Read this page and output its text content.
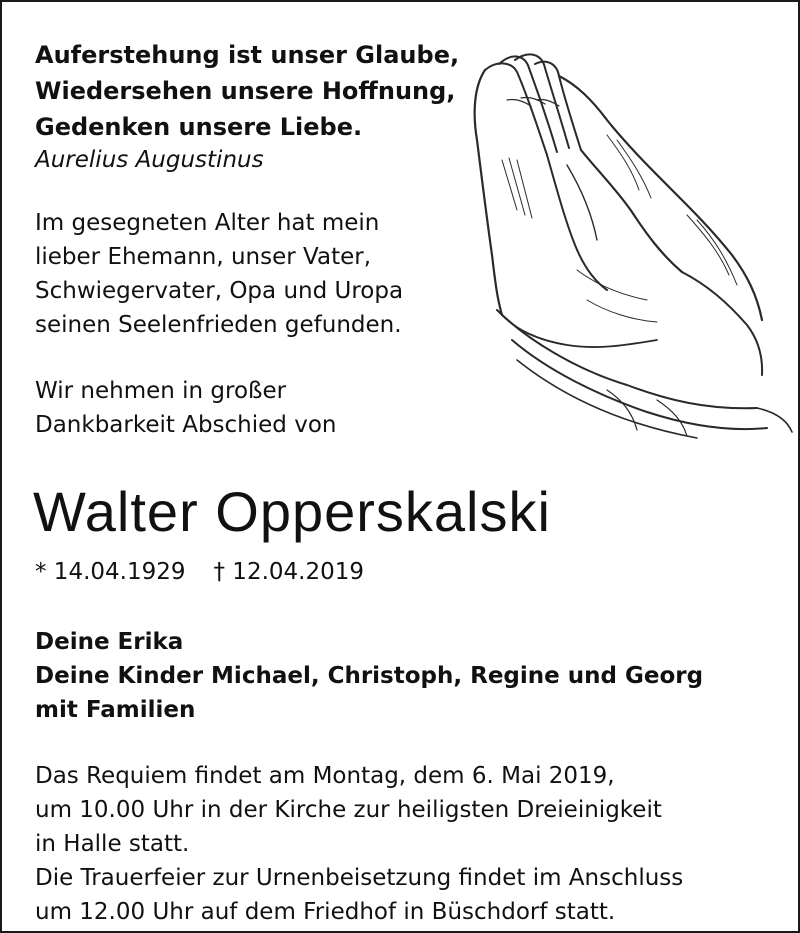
Auferstehung ist unser Glaube,
Wiedersehen unsere Hoffnung,
Gedenken unsere Liebe.
Aurelius Augustinus
Im gesegneten Alter hat mein
lieber Ehemann, unser Vater,
Schwiegervater, Opa und Uropa
seinen Seelenfrieden gefunden.
Wir nehmen in großer
Dankbarkeit Abschied von
Walter Opperskalski
* 14.04.1929 † 12.04.2019
Deine Erika
Deine Kinder Michael, Christoph, Regine und Georg
mit Familien
Das Requiem findet am Montag, dem 6. Mai 2019,
um 10.00 Uhr in der Kirche zur heiligsten Dreieinigkeit
in Halle statt.
Die Trauerfeier zur Urnenbeisetzung findet im Anschluss
um 12.00 Uhr auf dem Friedhof in Büschdorf statt.
